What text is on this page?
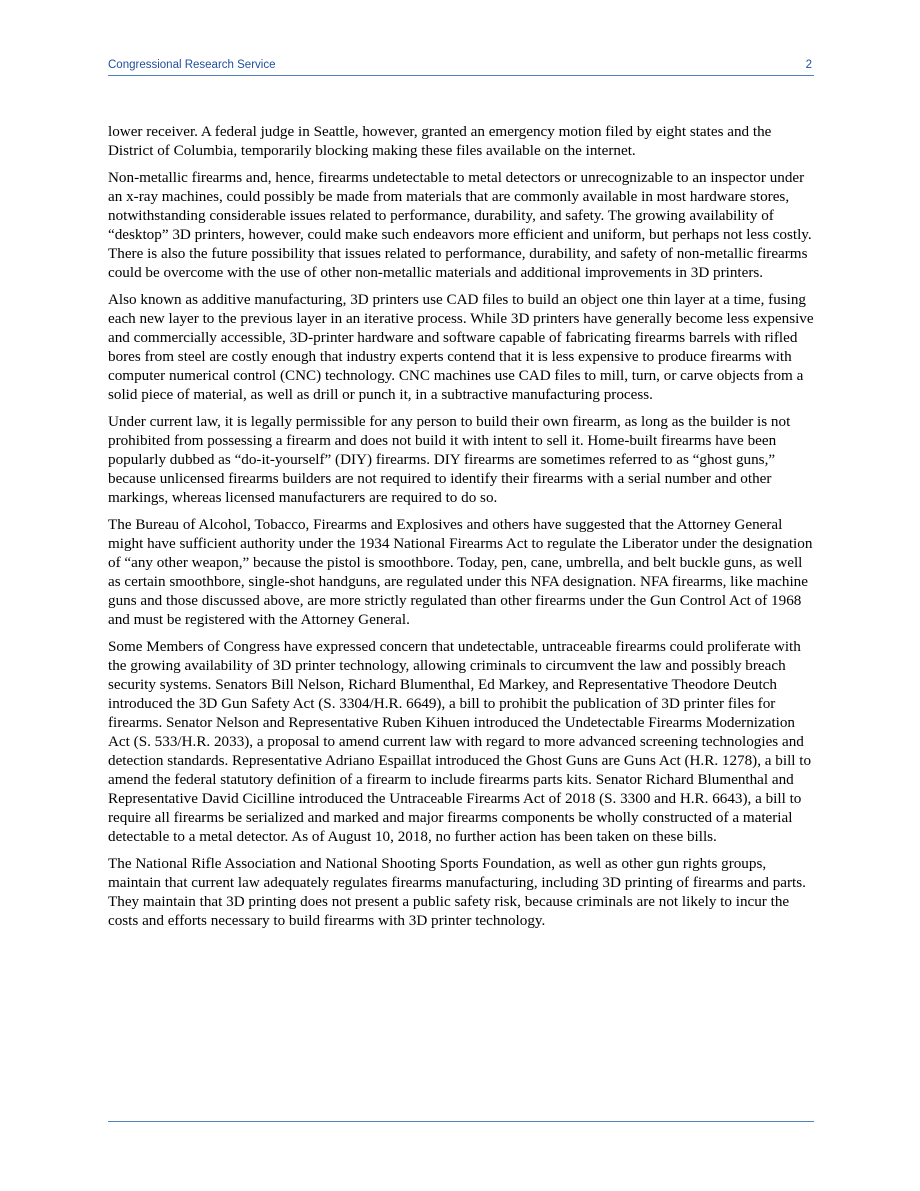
Congressional Research Service	2

lower receiver. A federal judge in Seattle, however, granted an emergency motion filed by eight states and the District of Columbia, temporarily blocking making these files available on the internet.

Non-metallic firearms and, hence, firearms undetectable to metal detectors or unrecognizable to an inspector under an x-ray machines, could possibly be made from materials that are commonly available in most hardware stores, notwithstanding considerable issues related to performance, durability, and safety. The growing availability of “desktop” 3D printers, however, could make such endeavors more efficient and uniform, but perhaps not less costly. There is also the future possibility that issues related to performance, durability, and safety of non-metallic firearms could be overcome with the use of other non-metallic materials and additional improvements in 3D printers.

Also known as additive manufacturing, 3D printers use CAD files to build an object one thin layer at a time, fusing each new layer to the previous layer in an iterative process. While 3D printers have generally become less expensive and commercially accessible, 3D-printer hardware and software capable of fabricating firearms barrels with rifled bores from steel are costly enough that industry experts contend that it is less expensive to produce firearms with computer numerical control (CNC) technology. CNC machines use CAD files to mill, turn, or carve objects from a solid piece of material, as well as drill or punch it, in a subtractive manufacturing process.

Under current law, it is legally permissible for any person to build their own firearm, as long as the builder is not prohibited from possessing a firearm and does not build it with intent to sell it. Home-built firearms have been popularly dubbed as “do-it-yourself” (DIY) firearms. DIY firearms are sometimes referred to as “ghost guns,” because unlicensed firearms builders are not required to identify their firearms with a serial number and other markings, whereas licensed manufacturers are required to do so.

The Bureau of Alcohol, Tobacco, Firearms and Explosives and others have suggested that the Attorney General might have sufficient authority under the 1934 National Firearms Act to regulate the Liberator under the designation of “any other weapon,” because the pistol is smoothbore. Today, pen, cane, umbrella, and belt buckle guns, as well as certain smoothbore, single-shot handguns, are regulated under this NFA designation. NFA firearms, like machine guns and those discussed above, are more strictly regulated than other firearms under the Gun Control Act of 1968 and must be registered with the Attorney General.

Some Members of Congress have expressed concern that undetectable, untraceable firearms could proliferate with the growing availability of 3D printer technology, allowing criminals to circumvent the law and possibly breach security systems. Senators Bill Nelson, Richard Blumenthal, Ed Markey, and Representative Theodore Deutch introduced the 3D Gun Safety Act (S. 3304/H.R. 6649), a bill to prohibit the publication of 3D printer files for firearms. Senator Nelson and Representative Ruben Kihuen introduced the Undetectable Firearms Modernization Act (S. 533/H.R. 2033), a proposal to amend current law with regard to more advanced screening technologies and detection standards. Representative Adriano Espaillat introduced the Ghost Guns are Guns Act (H.R. 1278), a bill to amend the federal statutory definition of a firearm to include firearms parts kits. Senator Richard Blumenthal and Representative David Cicilline introduced the Untraceable Firearms Act of 2018 (S. 3300 and H.R. 6643), a bill to require all firearms be serialized and marked and major firearms components be wholly constructed of a material detectable to a metal detector. As of August 10, 2018, no further action has been taken on these bills.

The National Rifle Association and National Shooting Sports Foundation, as well as other gun rights groups, maintain that current law adequately regulates firearms manufacturing, including 3D printing of firearms and parts. They maintain that 3D printing does not present a public safety risk, because criminals are not likely to incur the costs and efforts necessary to build firearms with 3D printer technology.
